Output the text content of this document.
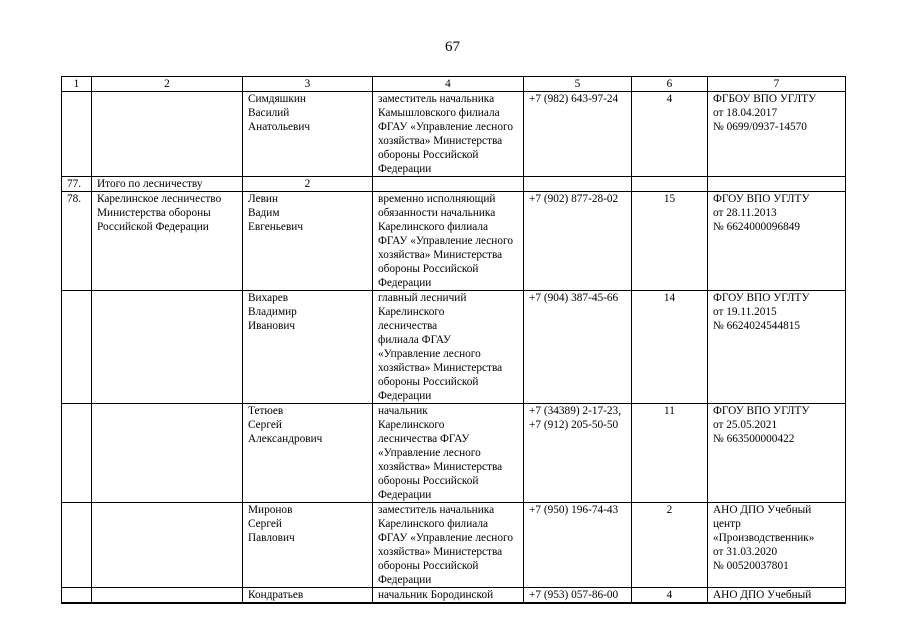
67
1	2	3	4	5	6	7
		Симдяшкин
Василий
Анатольевич	заместитель начальника Камышловского филиала ФГАУ «Управление лесного хозяйства» Министерства обороны Российской Федерации	+7 (982) 643-97-24	4	ФГБОУ ВПО УГЛТУ
от 18.04.2017
№ 0699/0937-14570
77.	Итого по лесничеству	2				
78.	Карелинское лесничество Министерства обороны Российской Федерации	Левин
Вадим
Евгеньевич	временно исполняющий обязанности начальника Карелинского филиала ФГАУ «Управление лесного хозяйства» Министерства обороны Российской Федерации	+7 (902) 877-28-02	15	ФГОУ ВПО УГЛТУ
от 28.11.2013
№ 6624000096849
		Вихарев
Владимир
Иванович	главный лесничий
Карелинского
лесничества
филиала ФГАУ
«Управление лесного хозяйства» Министерства обороны Российской Федерации	+7 (904) 387-45-66	14	ФГОУ ВПО УГЛТУ
от 19.11.2015
№ 6624024544815
		Тетюев
Сергей
Александрович	начальник
Карелинского
лесничества ФГАУ «Управление лесного хозяйства» Министерства обороны Российской Федерации	+7 (34389) 2-17-23,
+7 (912) 205-50-50	11	ФГОУ ВПО УГЛТУ
от 25.05.2021
№ 663500000422
		Миронов
Сергей
Павлович	заместитель начальника Карелинского филиала ФГАУ «Управление лесного хозяйства» Министерства обороны Российской Федерации	+7 (950) 196-74-43	2	АНО ДПО Учебный центр «Производственник»
от 31.03.2020
№ 00520037801
		Кондратьев	начальник Бородинской	+7 (953) 057-86-00	4	АНО ДПО Учебный
